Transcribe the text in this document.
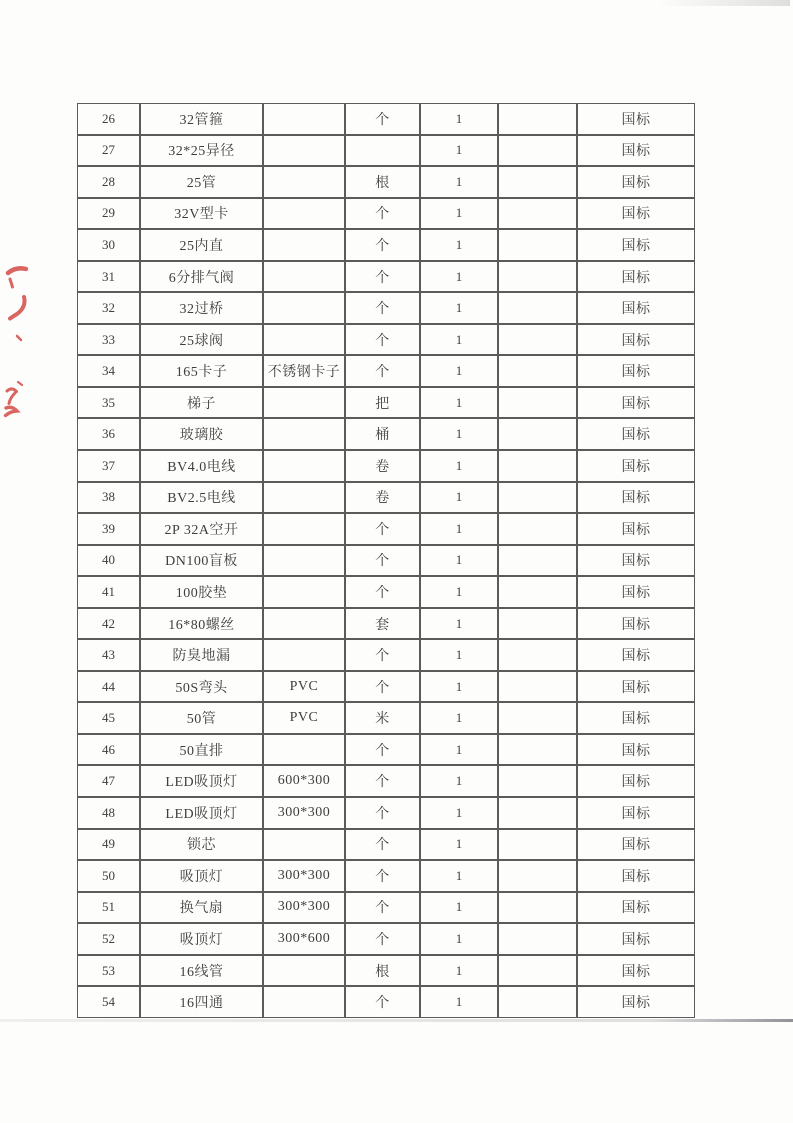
26	32管箍		个	1		国标
27	32*25异径			1		国标
28	25管		根	1		国标
29	32V型卡		个	1		国标
30	25内直		个	1		国标
31	6分排气阀		个	1		国标
32	32过桥		个	1		国标
33	25球阀		个	1		国标
34	165卡子	不锈钢卡子	个	1		国标
35	梯子		把	1		国标
36	玻璃胶		桶	1		国标
37	BV4.0电线		卷	1		国标
38	BV2.5电线		卷	1		国标
39	2P 32A空开		个	1		国标
40	DN100盲板		个	1		国标
41	100胶垫		个	1		国标
42	16*80螺丝		套	1		国标
43	防臭地漏		个	1		国标
44	50S弯头	PVC	个	1		国标
45	50管	PVC	米	1		国标
46	50直排		个	1		国标
47	LED吸顶灯	600*300	个	1		国标
48	LED吸顶灯	300*300	个	1		国标
49	锁芯		个	1		国标
50	吸顶灯	300*300	个	1		国标
51	换气扇	300*300	个	1		国标
52	吸顶灯	300*600	个	1		国标
53	16线管		根	1		国标
54	16四通		个	1		国标
